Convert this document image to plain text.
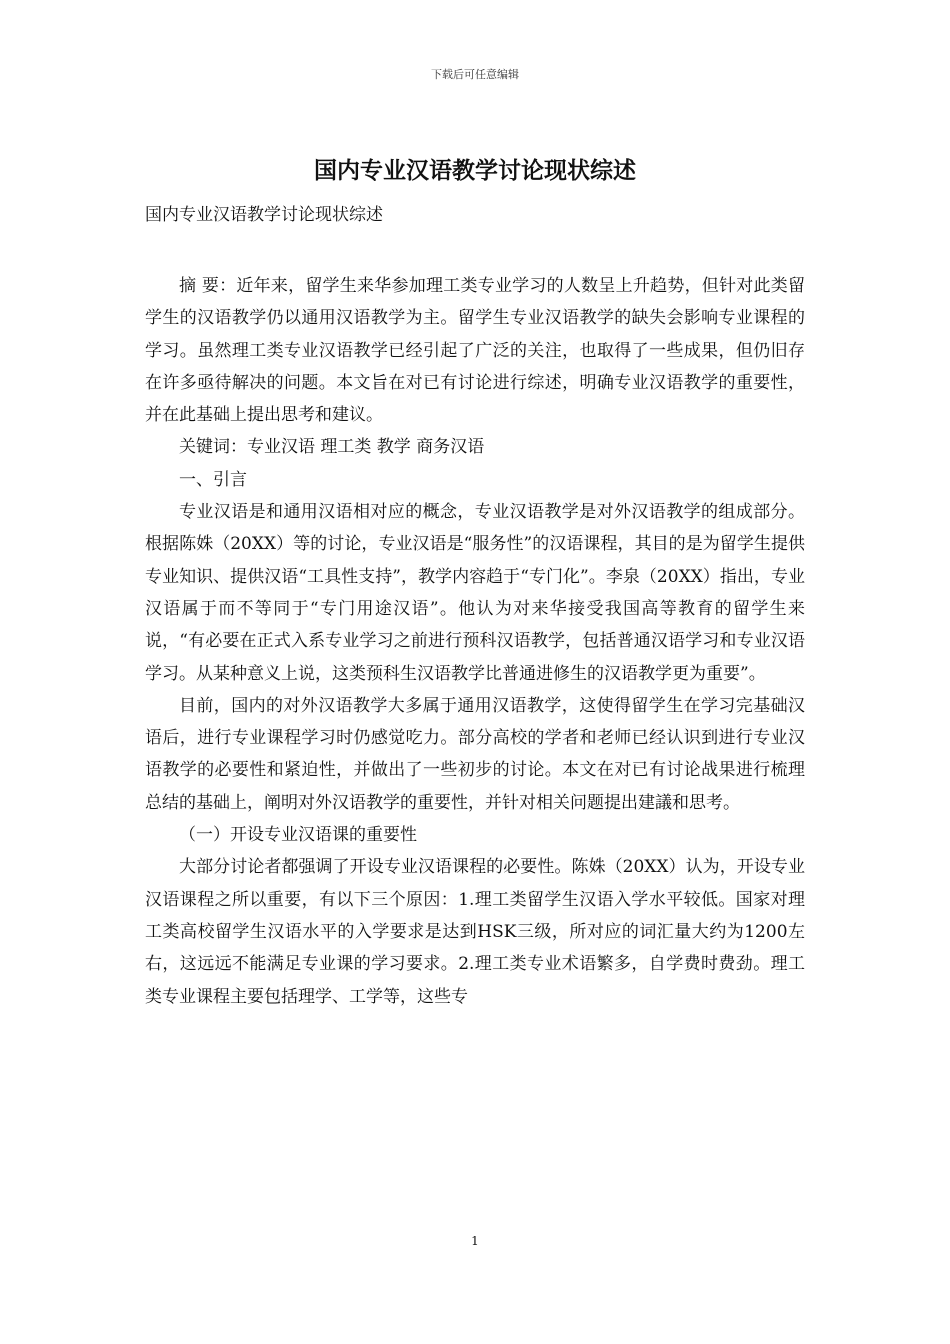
下载后可任意编辑
国内专业汉语教学讨论现状综述

国内专业汉语教学讨论现状综述

摘 要：近年来，留学生来华参加理工类专业学习的人数呈上升趋势，但针对此类留学生的汉语教学仍以通用汉语教学为主。留学生专业汉语教学的缺失会影响专业课程的学习。虽然理工类专业汉语教学已经引起了广泛的关注，也取得了一些成果，但仍旧存在许多亟待解决的问题。本文旨在对已有讨论进行综述，明确专业汉语教学的重要性，并在此基础上提出思考和建议。

关键词：专业汉语 理工类 教学 商务汉语

一、引言

专业汉语是和通用汉语相对应的概念，专业汉语教学是对外汉语教学的组成部分。根据陈姝（20XX）等的讨论，专业汉语是“服务性”的汉语课程，其目的是为留学生提供专业知识、提供汉语“工具性支持”，教学内容趋于“专门化”。李泉（20XX）指出，专业汉语属于而不等同于“专门用途汉语”。他认为对来华接受我国高等教育的留学生来说，“有必要在正式入系专业学习之前进行预科汉语教学，包括普通汉语学习和专业汉语学习。从某种意义上说，这类预科生汉语教学比普通进修生的汉语教学更为重要”。

目前，国内的对外汉语教学大多属于通用汉语教学，这使得留学生在学习完基础汉语后，进行专业课程学习时仍感觉吃力。部分高校的学者和老师已经认识到进行专业汉语教学的必要性和紧迫性，并做出了一些初步的讨论。本文在对已有讨论战果进行梳理总结的基础上，阐明对外汉语教学的重要性，并针对相关问题提出建議和思考。

（一）开设专业汉语课的重要性

大部分讨论者都强调了开设专业汉语课程的必要性。陈姝（20XX）认为，开设专业汉语课程之所以重要，有以下三个原因：1.理工类留学生汉语入学水平较低。国家对理工类高校留学生汉语水平的入学要求是达到HSK三级，所对应的词汇量大约为1200左右，这远远不能满足专业课的学习要求。2.理工类专业术语繁多，自学费时费劲。理工类专业课程主要包括理学、工学等，这些专

1
